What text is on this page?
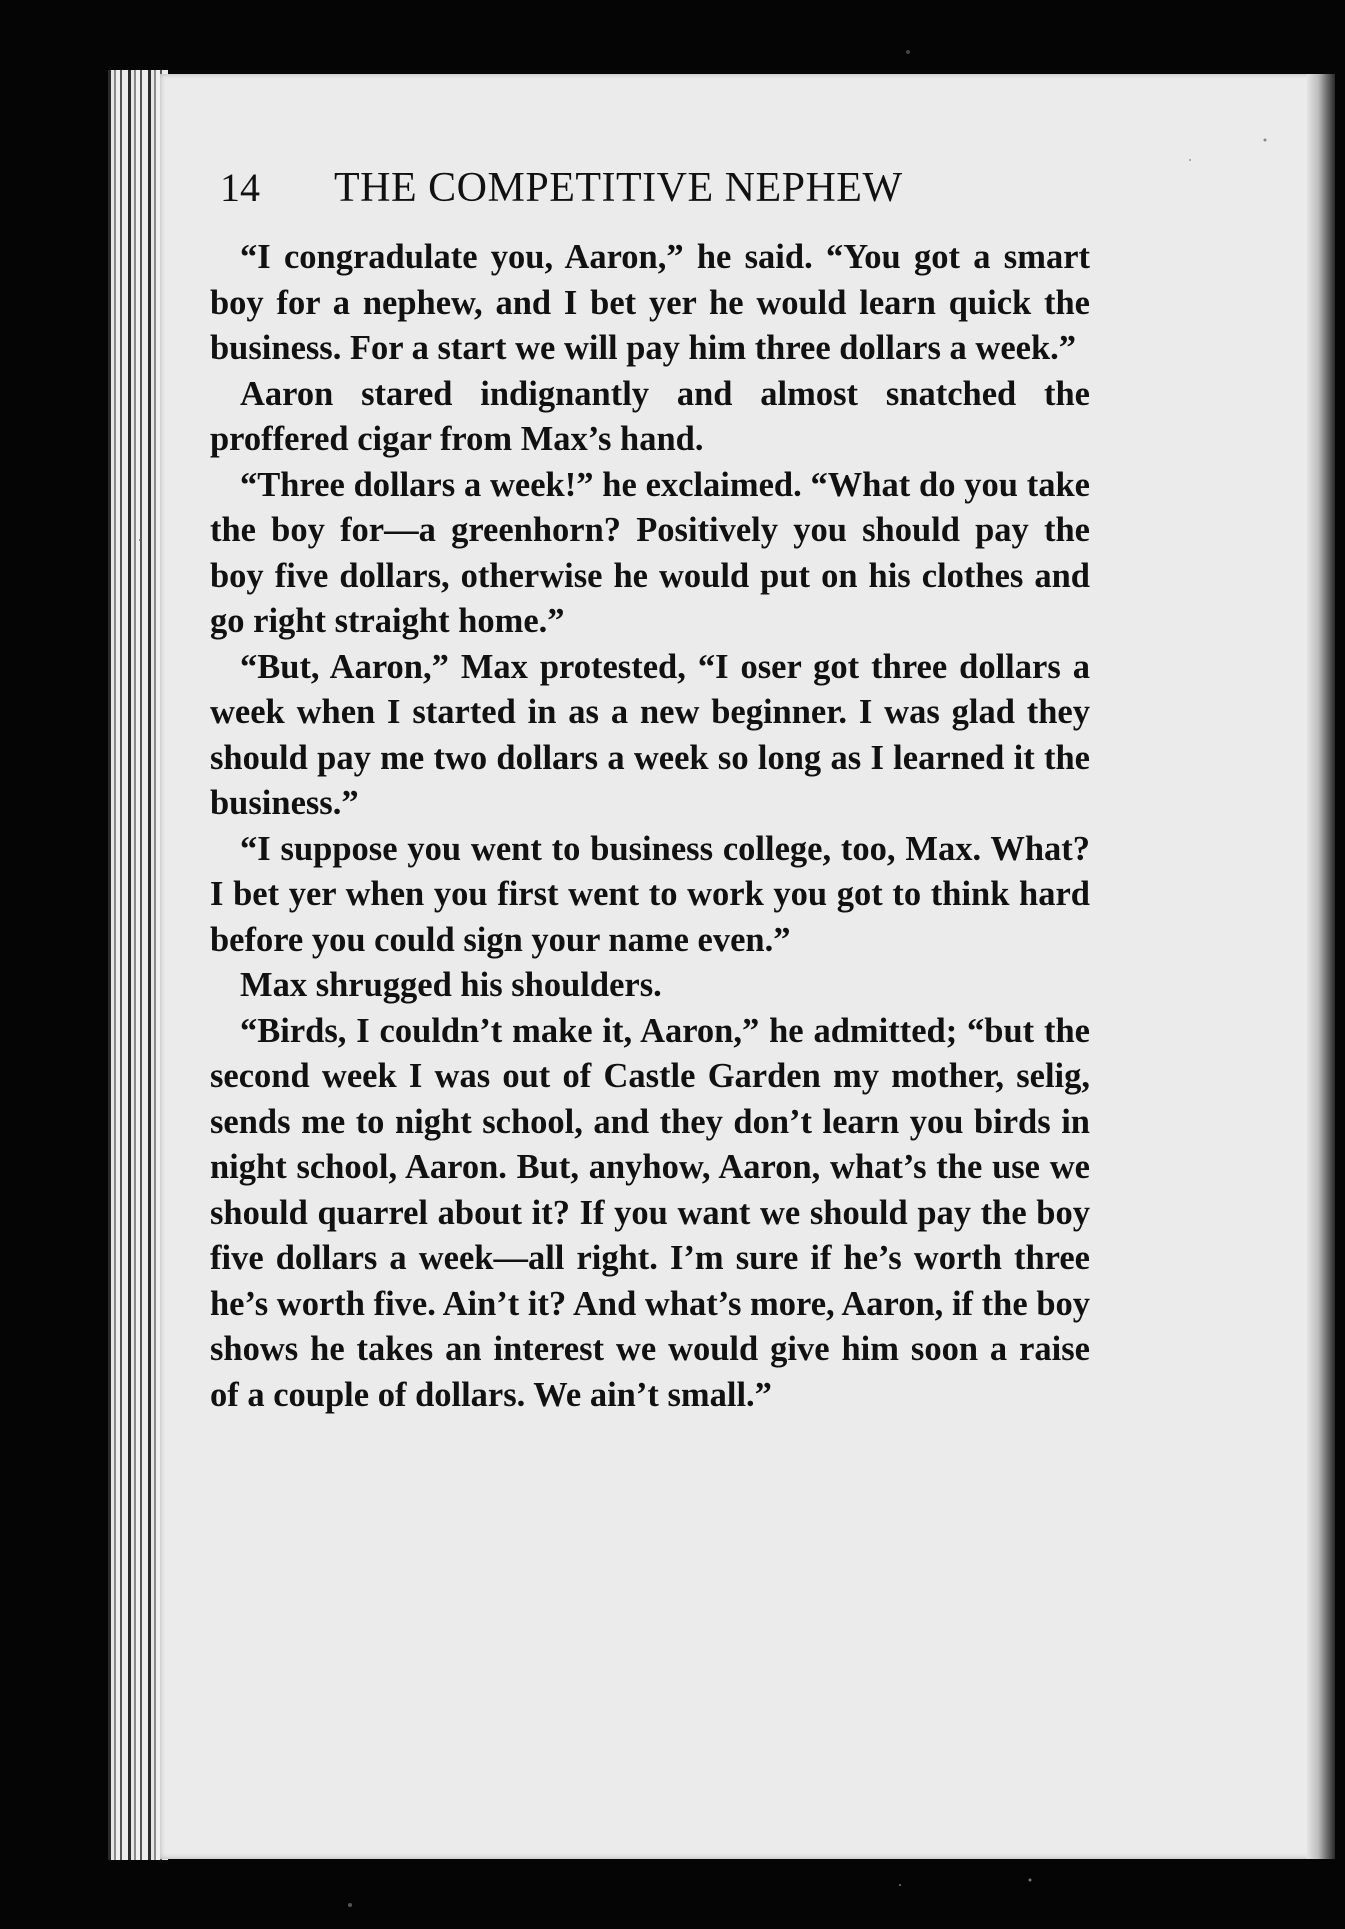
14 THE COMPETITIVE NEPHEW

“I congradulate you, Aaron,” he said. “You got a smart boy for a nephew, and I bet yer he would learn quick the business. For a start we will pay him three dollars a week.”

Aaron stared indignantly and almost snatched the proffered cigar from Max’s hand.

“Three dollars a week!” he exclaimed. “What do you take the boy for—a greenhorn? Positively you should pay the boy five dollars, otherwise he would put on his clothes and go right straight home.”

“But, Aaron,” Max protested, “I oser got three dollars a week when I started in as a new beginner. I was glad they should pay me two dollars a week so long as I learned it the business.”

“I suppose you went to business college, too, Max. What? I bet yer when you first went to work you got to think hard before you could sign your name even.”

Max shrugged his shoulders.

“Birds, I couldn’t make it, Aaron,” he admitted; “but the second week I was out of Castle Garden my mother, selig, sends me to night school, and they don’t learn you birds in night school, Aaron. But, anyhow, Aaron, what’s the use we should quarrel about it? If you want we should pay the boy five dollars a week—all right. I’m sure if he’s worth three he’s worth five. Ain’t it? And what’s more, Aaron, if the boy shows he takes an interest we would give him soon a raise of a couple of dollars. We ain’t small.”
